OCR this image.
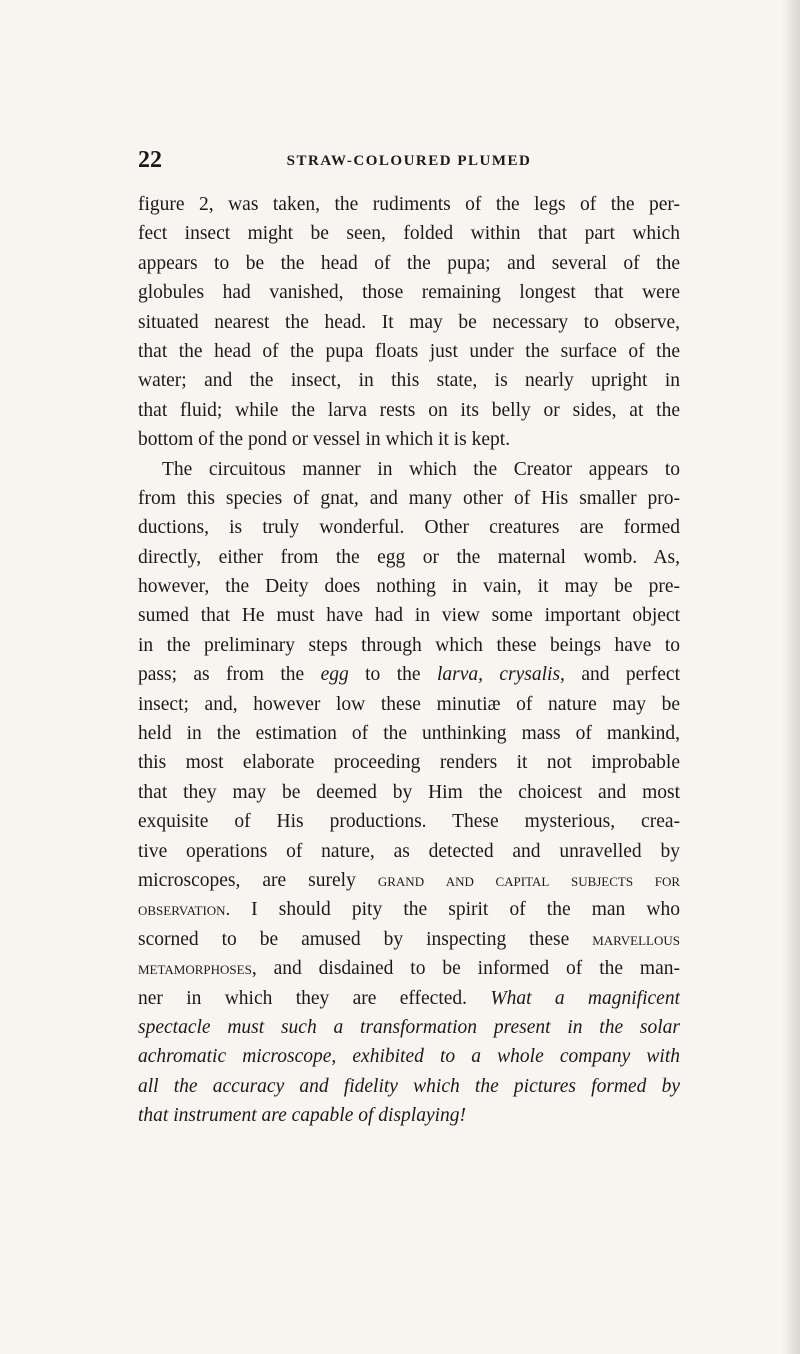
22	STRAW-COLOURED PLUMED
figure 2, was taken, the rudiments of the legs of the per-
fect insect might be seen, folded within that part which
appears to be the head of the pupa; and several of the
globules had vanished, those remaining longest that were
situated nearest the head. It may be necessary to observe,
that the head of the pupa floats just under the surface of the
water; and the insect, in this state, is nearly upright in
that fluid; while the larva rests on its belly or sides, at the
bottom of the pond or vessel in which it is kept.
The circuitous manner in which the Creator appears to
from this species of gnat, and many other of His smaller pro-
ductions, is truly wonderful. Other creatures are formed
directly, either from the egg or the maternal womb. As,
however, the Deity does nothing in vain, it may be pre-
sumed that He must have had in view some important object
in the preliminary steps through which these beings have to
pass; as from the egg to the larva, crysalis, and perfect
insect; and, however low these minutiæ of nature may be
held in the estimation of the unthinking mass of mankind,
this most elaborate proceeding renders it not improbable
that they may be deemed by Him the choicest and most
exquisite of His productions. These mysterious, crea-
tive operations of nature, as detected and unravelled by
microscopes, are surely grand and capital subjects for
observation. I should pity the spirit of the man who
scorned to be amused by inspecting these marvellous
metamorphoses, and disdained to be informed of the man-
ner in which they are effected. What a magnificent
spectacle must such a transformation present in the solar
achromatic microscope, exhibited to a whole company with
all the accuracy and fidelity which the pictures formed by
that instrument are capable of displaying!
